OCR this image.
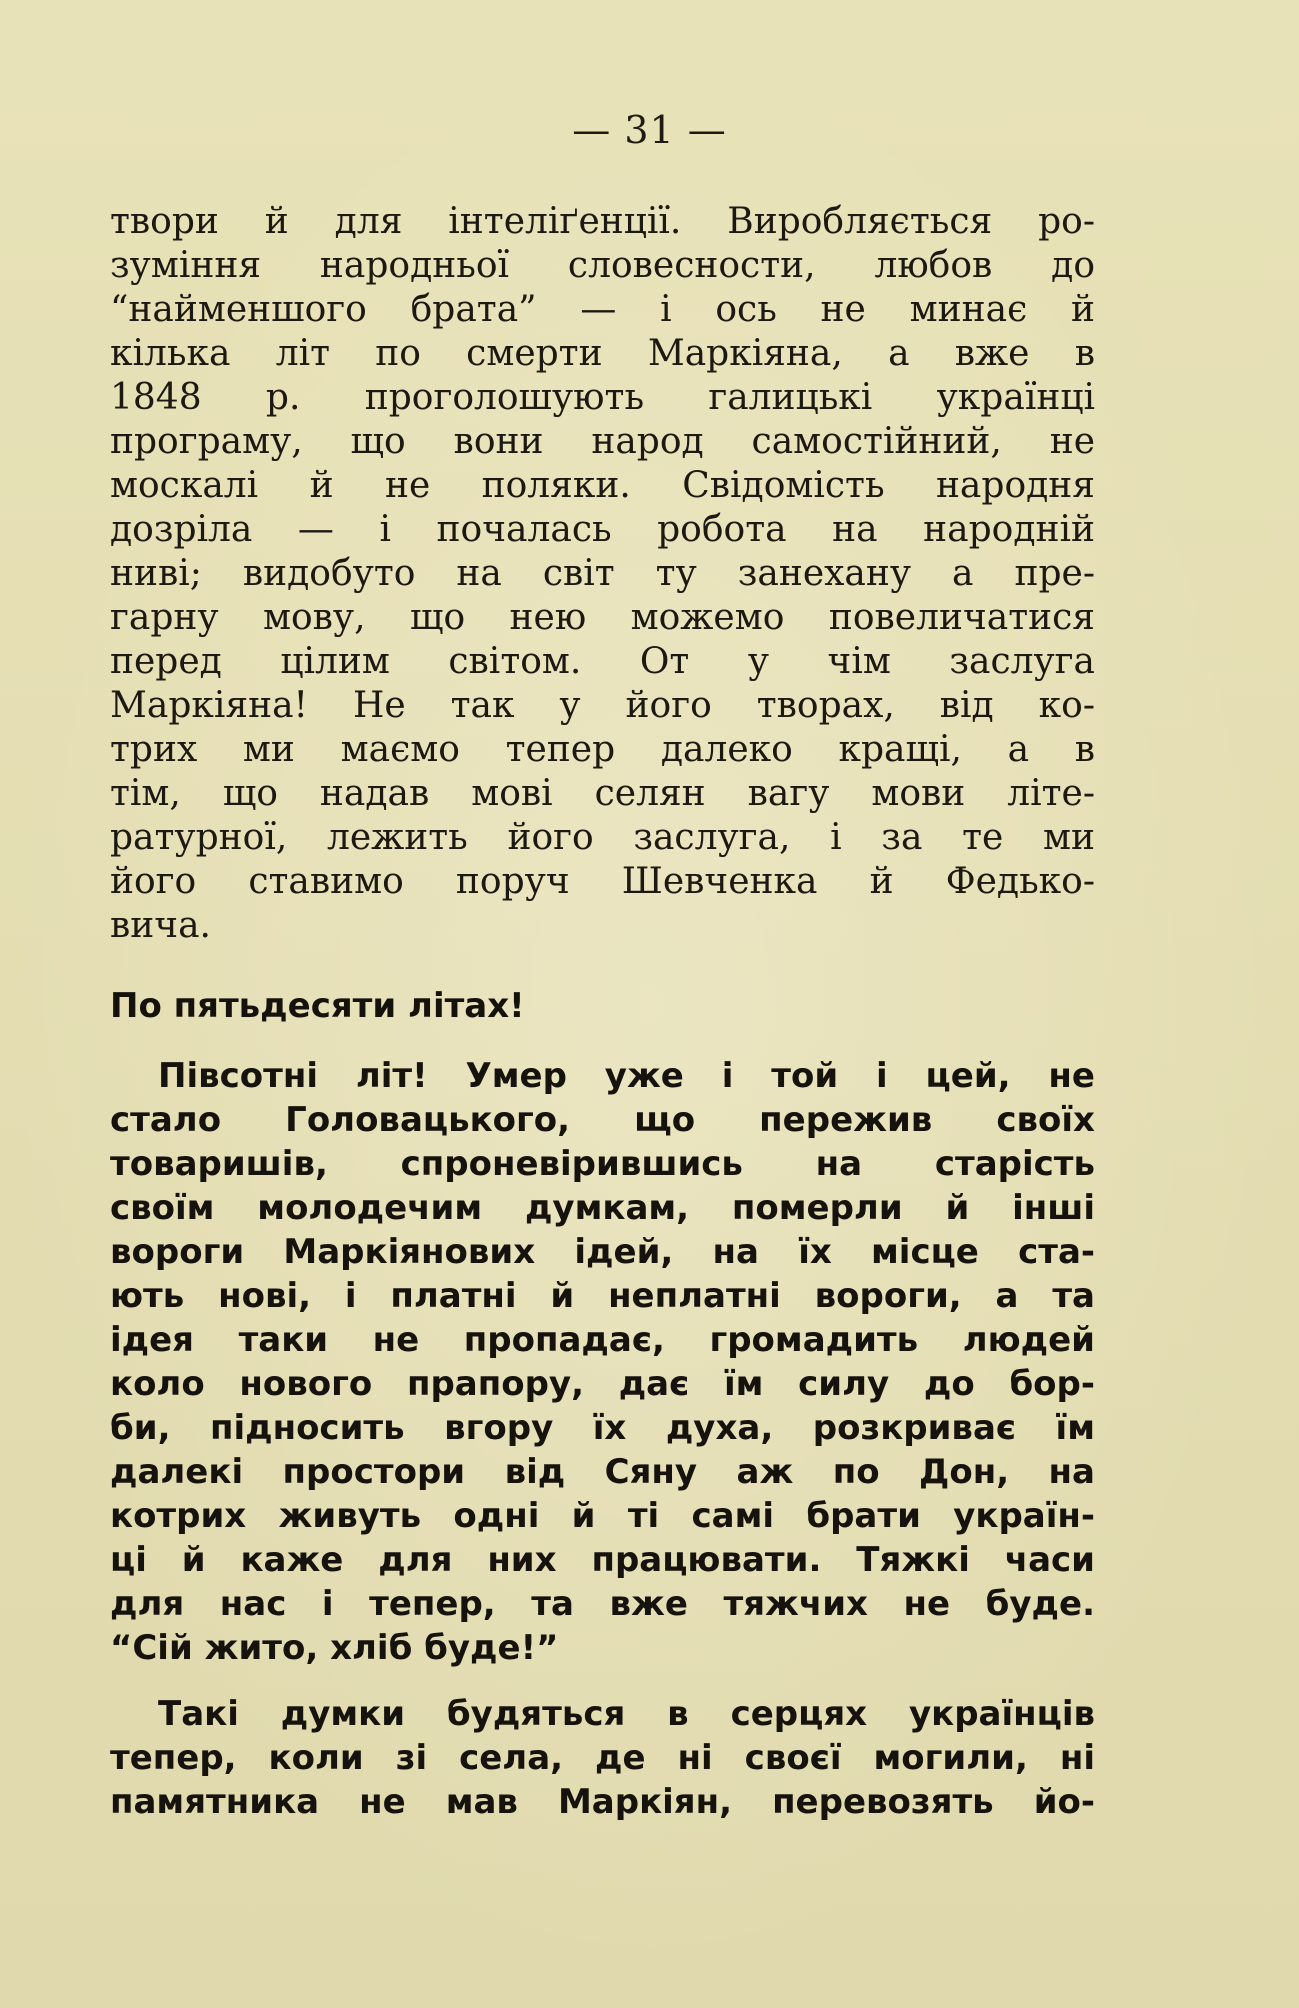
— 31 —
твори й для інтеліґенції. Виробляється ро-
зуміння народньої словесности, любов до
“найменшого брата” — і ось не минає й
кілька літ по смерти Маркіяна, а вже в
1848 р. проголошують галицькі українці
програму, що вони народ самостійний, не
москалі й не поляки. Свідомість народня
дозріла — і почалась робота на народній
ниві; видобуто на світ ту занехану а пре-
гарну мову, що нею можемо повеличатися
перед цілим світом. От у чім заслуга
Маркіяна! Не так у його творах, від ко-
трих ми маємо тепер далеко кращі, а в
тім, що надав мові селян вагу мови літе-
ратурної, лежить його заслуга, і за те ми
його ставимо поруч Шевченка й Федько-
вича.
По пятьдесяти літах!
Півсотні літ! Умер уже і той і цей, не
стало Головацького, що пережив своїх
товаришів, спроневірившись на старість
своїм молодечим думкам, померли й інші
вороги Маркіянових ідей, на їх місце ста-
ють нові, і платні й неплатні вороги, а та
ідея таки не пропадає, громадить людей
коло нового прапору, дає їм силу до бор-
би, підносить вгору їх духа, розкриває їм
далекі простори від Сяну аж по Дон, на
котрих живуть одні й ті самі брати україн-
ці й каже для них працювати. Тяжкі часи
для нас і тепер, та вже тяжчих не буде.
“Сій жито, хліб буде!”
Такі думки будяться в серцях українців
тепер, коли зі села, де ні своєї могили, ні
памятника не мав Маркіян, перевозять йо-
